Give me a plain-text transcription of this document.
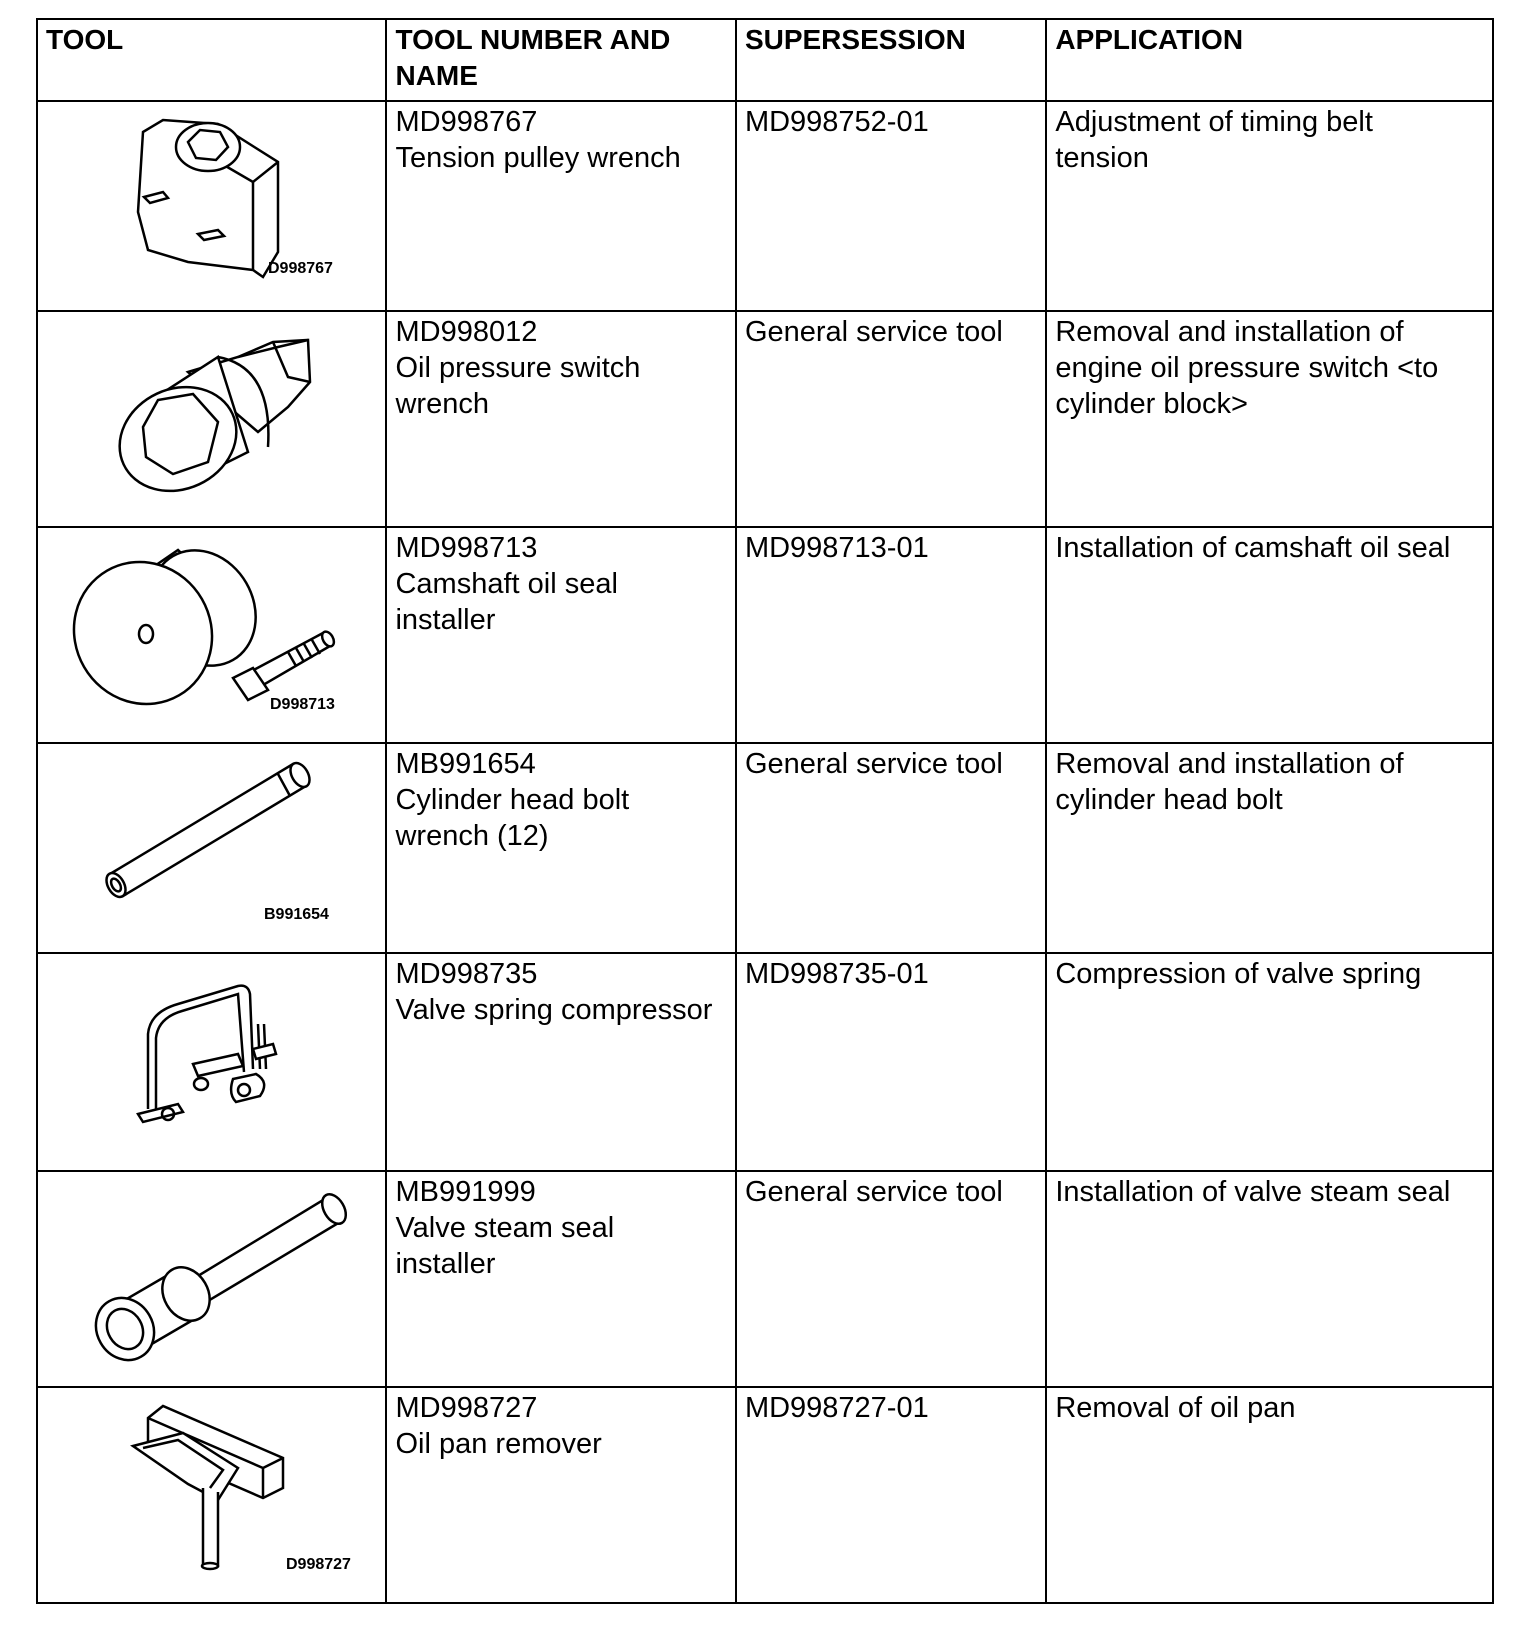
TOOL	TOOL NUMBER AND
NAME	SUPERSESSION	APPLICATION

D998767	MD998767
Tension pulley wrench	MD998752-01	Adjustment of timing belt
tension

MD998012
Oil pressure switch
wrench	General service tool	Removal and installation of
engine oil pressure switch <to
cylinder block>

D998713	MD998713
Camshaft oil seal
installer	MD998713-01	Installation of camshaft oil seal

B991654	MB991654
Cylinder head bolt
wrench (12)	General service tool	Removal and installation of
cylinder head bolt

MD998735
Valve spring compressor	MD998735-01	Compression of valve spring

MB991999
Valve steam seal
installer	General service tool	Installation of valve steam seal

D998727	MD998727
Oil pan remover	MD998727-01	Removal of oil pan
